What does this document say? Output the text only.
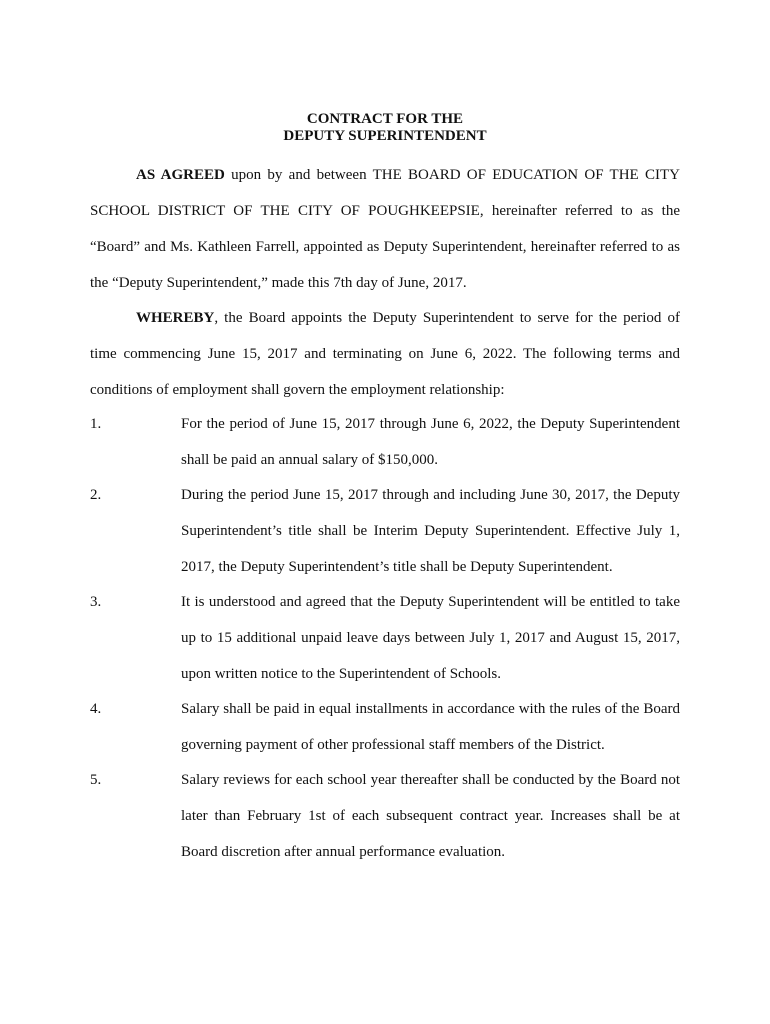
CONTRACT FOR THE
DEPUTY SUPERINTENDENT

AS AGREED upon by and between THE BOARD OF EDUCATION OF THE CITY SCHOOL DISTRICT OF THE CITY OF POUGHKEEPSIE, hereinafter referred to as the “Board” and Ms. Kathleen Farrell, appointed as Deputy Superintendent, hereinafter referred to as the “Deputy Superintendent,” made this 7th day of June, 2017.

WHEREBY, the Board appoints the Deputy Superintendent to serve for the period of time commencing June 15, 2017 and terminating on June 6, 2022. The following terms and conditions of employment shall govern the employment relationship:

1.	For the period of June 15, 2017 through June 6, 2022, the Deputy Superintendent shall be paid an annual salary of $150,000.
2.	During the period June 15, 2017 through and including June 30, 2017, the Deputy Superintendent’s title shall be Interim Deputy Superintendent. Effective July 1, 2017, the Deputy Superintendent’s title shall be Deputy Superintendent.
3.	It is understood and agreed that the Deputy Superintendent will be entitled to take up to 15 additional unpaid leave days between July 1, 2017 and August 15, 2017, upon written notice to the Superintendent of Schools.
4.	Salary shall be paid in equal installments in accordance with the rules of the Board governing payment of other professional staff members of the District.
5.	Salary reviews for each school year thereafter shall be conducted by the Board not later than February 1st of each subsequent contract year. Increases shall be at Board discretion after annual performance evaluation.
